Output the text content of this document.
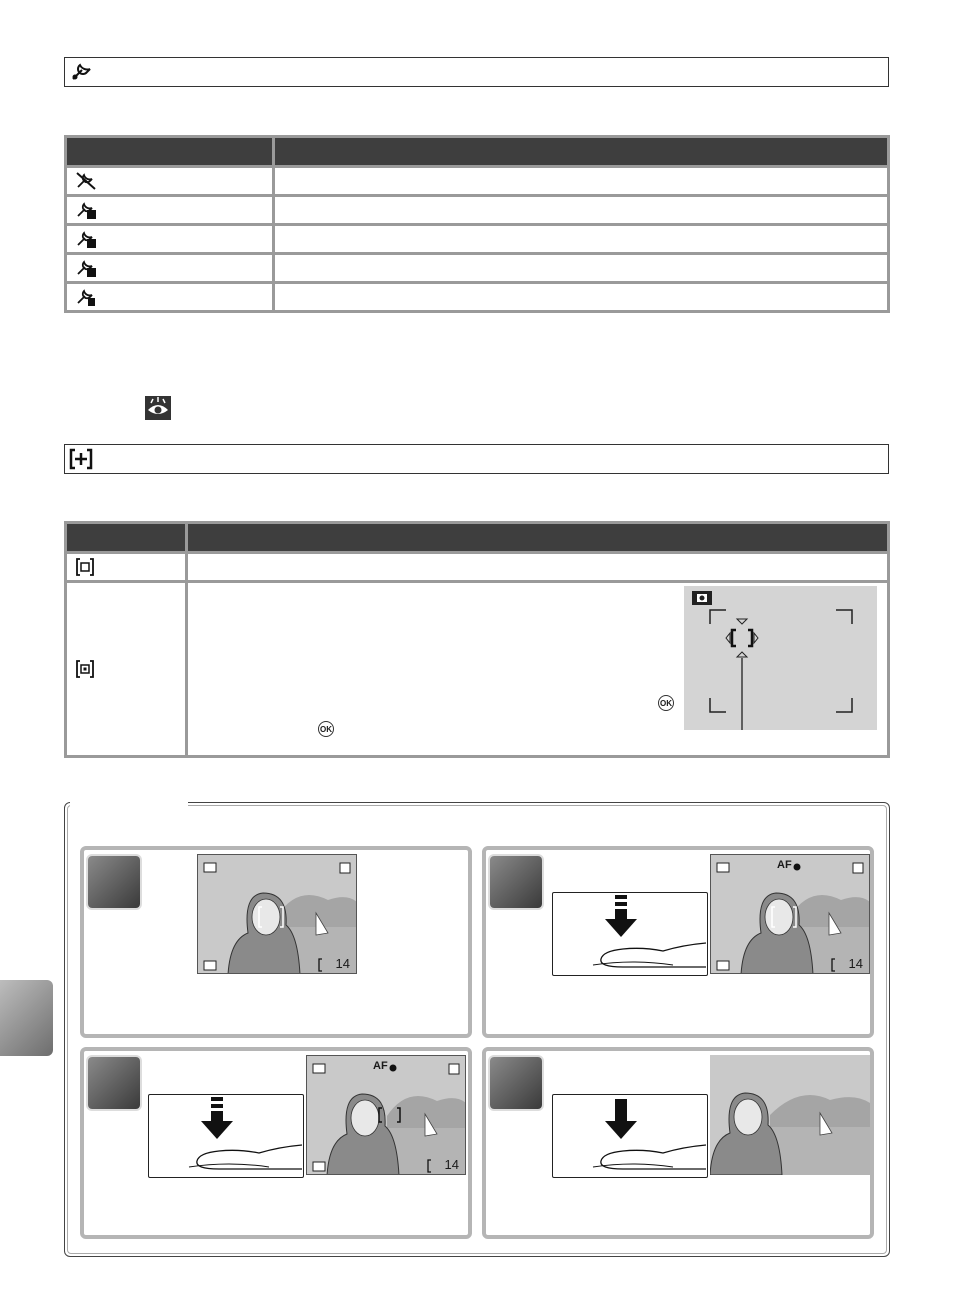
OK
OK
14
AF
14
AF
14
